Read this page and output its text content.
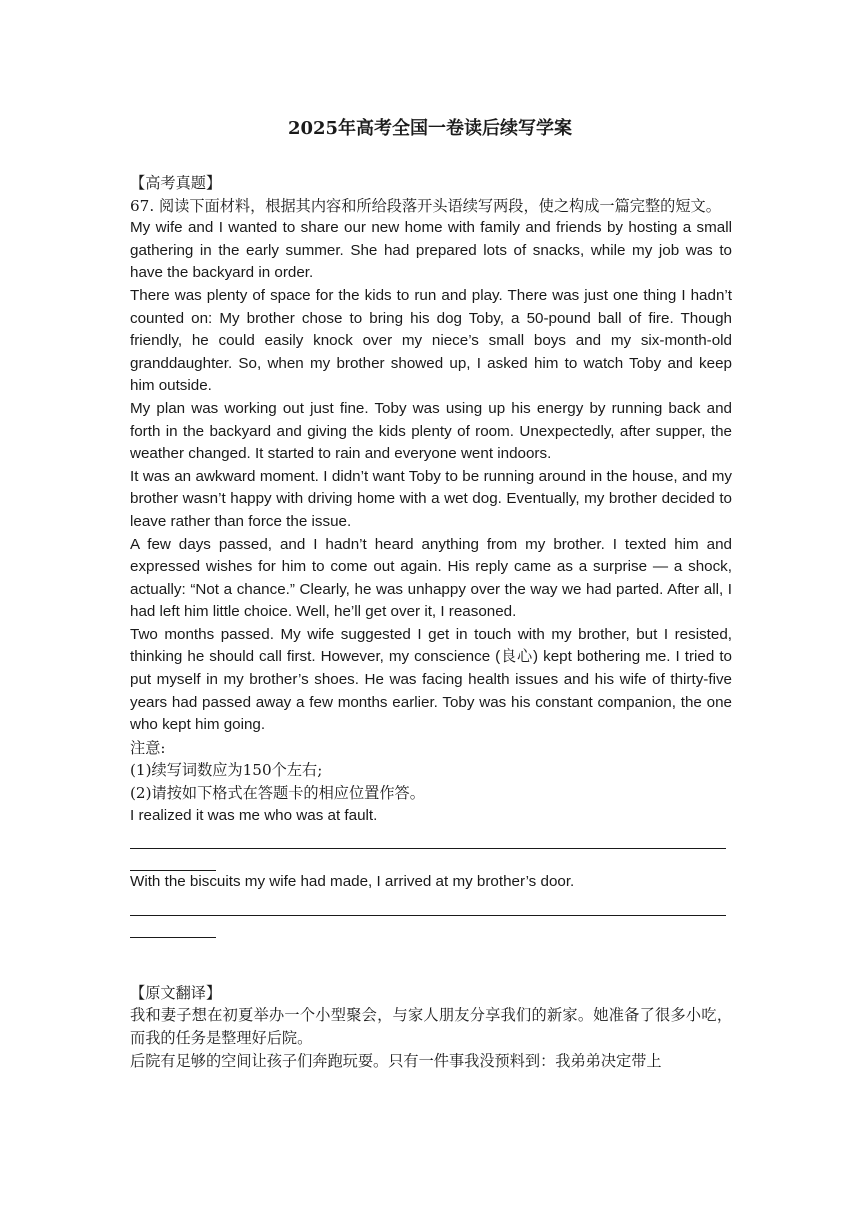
2025年高考全国一卷读后续写学案

【高考真题】

67. 阅读下面材料，根据其内容和所给段落开头语续写两段，使之构成一篇完整的短文。

My wife and I wanted to share our new home with family and friends by hosting a small gathering in the early summer. She had prepared lots of snacks, while my job was to have the backyard in order.

There was plenty of space for the kids to run and play. There was just one thing I hadn’t counted on: My brother chose to bring his dog Toby, a 50-pound ball of fire. Though friendly, he could easily knock over my niece’s small boys and my six-month-old granddaughter. So, when my brother showed up, I asked him to watch Toby and keep him outside.

My plan was working out just fine. Toby was using up his energy by running back and forth in the backyard and giving the kids plenty of room. Unexpectedly, after supper, the weather changed. It started to rain and everyone went indoors.

It was an awkward moment. I didn’t want Toby to be running around in the house, and my brother wasn’t happy with driving home with a wet dog. Eventually, my brother decided to leave rather than force the issue.

A few days passed, and I hadn’t heard anything from my brother. I texted him and expressed wishes for him to come out again. His reply came as a surprise — a shock, actually: “Not a chance.” Clearly, he was unhappy over the way we had parted. After all, I had left him little choice. Well, he’ll get over it, I reasoned.

Two months passed. My wife suggested I get in touch with my brother, but I resisted, thinking he should call first. However, my conscience (良心) kept bothering me. I tried to put myself in my brother’s shoes. He was facing health issues and his wife of thirty-five years had passed away a few months earlier. Toby was his constant companion, the one who kept him going.

注意:

(1)续写词数应为150个左右;

(2)请按如下格式在答题卡的相应位置作答。

I realized it was me who was at fault.

With the biscuits my wife had made, I arrived at my brother’s door.

【原文翻译】

我和妻子想在初夏举办一个小型聚会，与家人朋友分享我们的新家。她准备了很多小吃，而我的任务是整理好后院。

后院有足够的空间让孩子们奔跑玩耍。只有一件事我没预料到：我弟弟决定带上
